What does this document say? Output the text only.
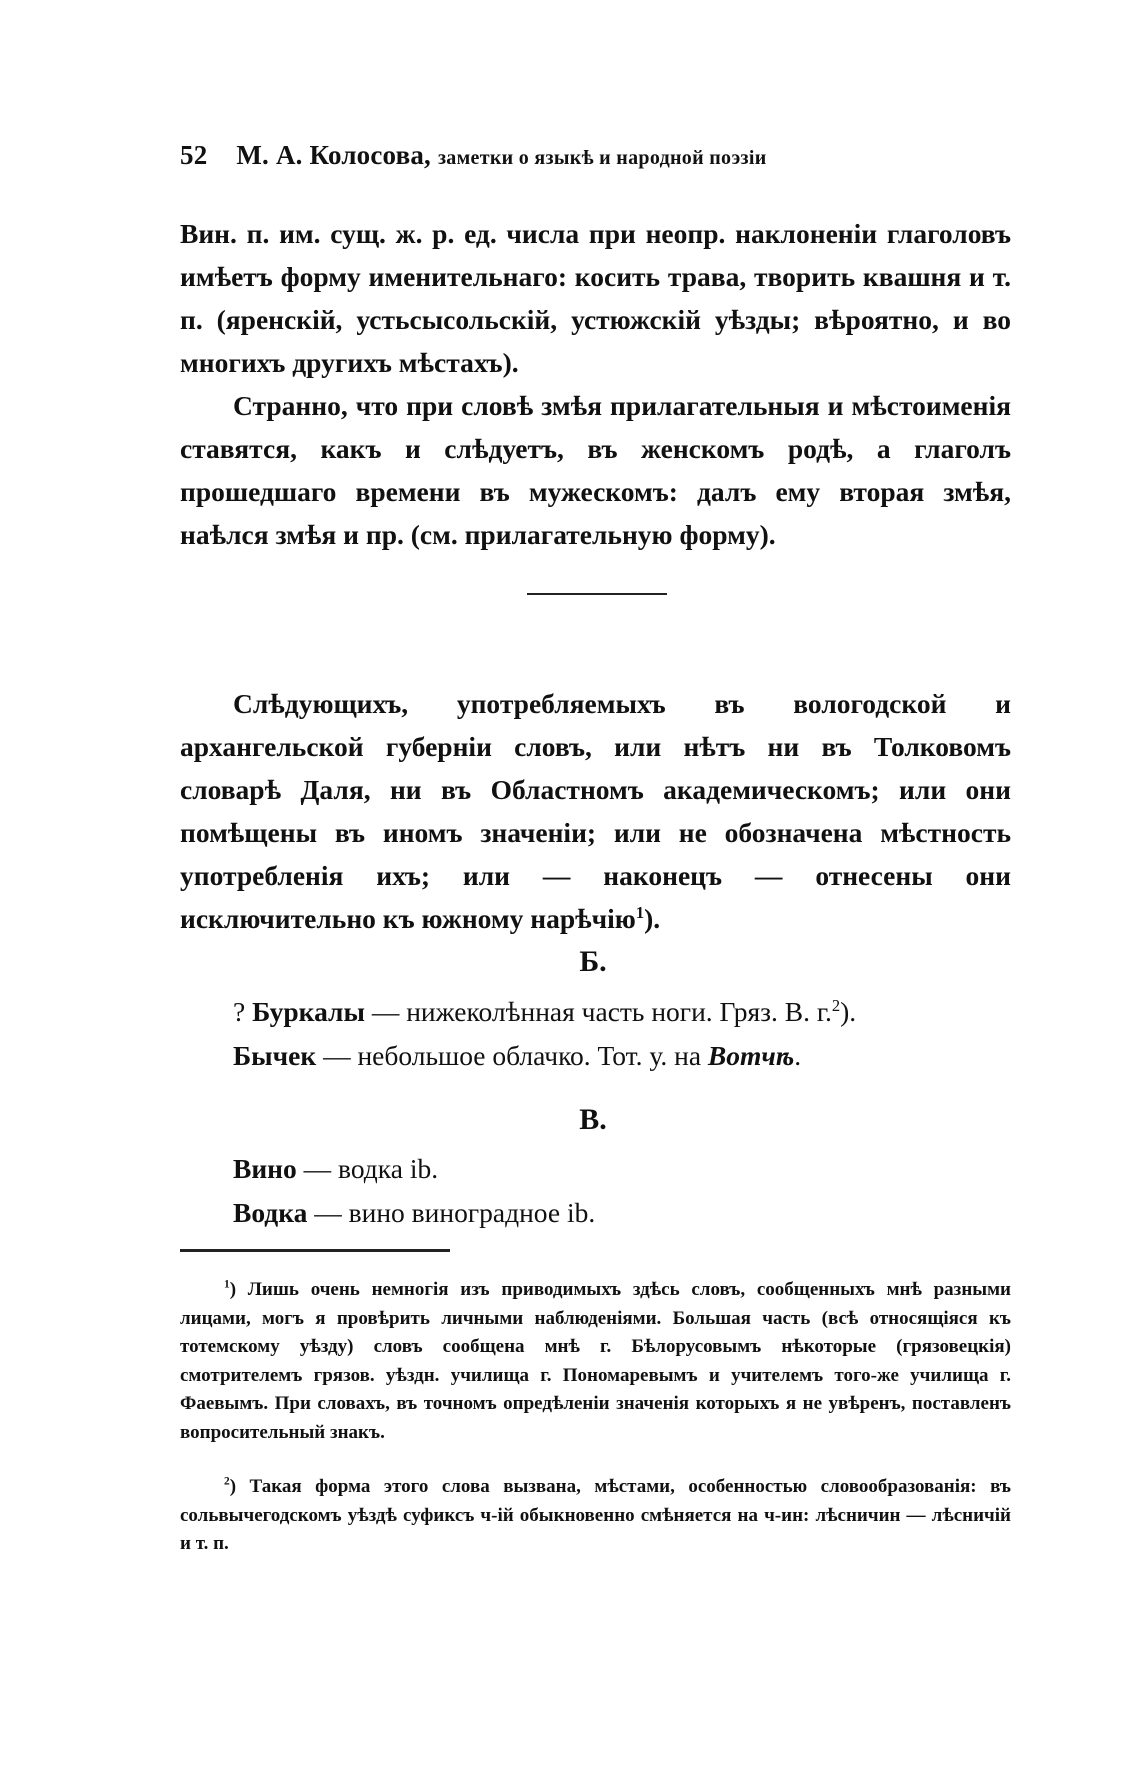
52 М. А. Колосова, заметки о языкѣ и народной поэзіи

Вин. п. им. сущ. ж. р. ед. числа при неопр. наклоненіи глаголовъ имѣетъ форму именительнаго: косить трава, творить квашня и т. п. (яренскій, устьсысольскій, устюжскій уѣзды; вѣроятно, и во многихъ другихъ мѣстахъ).

Странно, что при словѣ змѣя прилагательныя и мѣстоименія ставятся, какъ и слѣдуетъ, въ женскомъ родѣ, а глаголъ прошедшаго времени въ мужескомъ: далъ ему вторая змѣя, наѣлся змѣя и пр. (см. прилагательную форму).

Слѣдующихъ, употребляемыхъ въ вологодской и архангельской губерніи словъ, или нѣтъ ни въ Толковомъ словарѣ Даля, ни въ Областномъ академическомъ; или они помѣщены въ иномъ значеніи; или не обозначена мѣстность употребленія ихъ; или — наконецъ — отнесены они исключительно къ южному нарѣчію$^1$).

Б.
? Буркалы — нижеколѣнная часть ноги. Гряз. В. г.$^2$).
Бычек — небольшое облачко. Тот. у. на Вотчѣ.
В.
Вино — водка ib.
Водка — вино виноградное ib.

$^1$) Лишь очень немногія изъ приводимыхъ здѣсь словъ, сообщенныхъ мнѣ разными лицами, могъ я провѣрить личными наблюденіями. Большая часть (всѣ относящіяся къ тотемскому уѣзду) словъ сообщена мнѣ г. Бѣлорусовымъ нѣкоторые (грязовецкія) смотрителемъ грязов. уѣздн. училища г. Пономаревымъ и учителемъ того-же училища г. Фаевымъ. При словахъ, въ точномъ опредѣленіи значенія которыхъ я не увѣренъ, поставленъ вопросительный знакъ.

$^2$) Такая форма этого слова вызвана, мѣстами, особенностью словообразованія: въ сольвычегодскомъ уѣздѣ суфиксъ ч-ій обыкновенно смѣняется на ч-ин: лѣсничин — лѣсничій и т. п.
